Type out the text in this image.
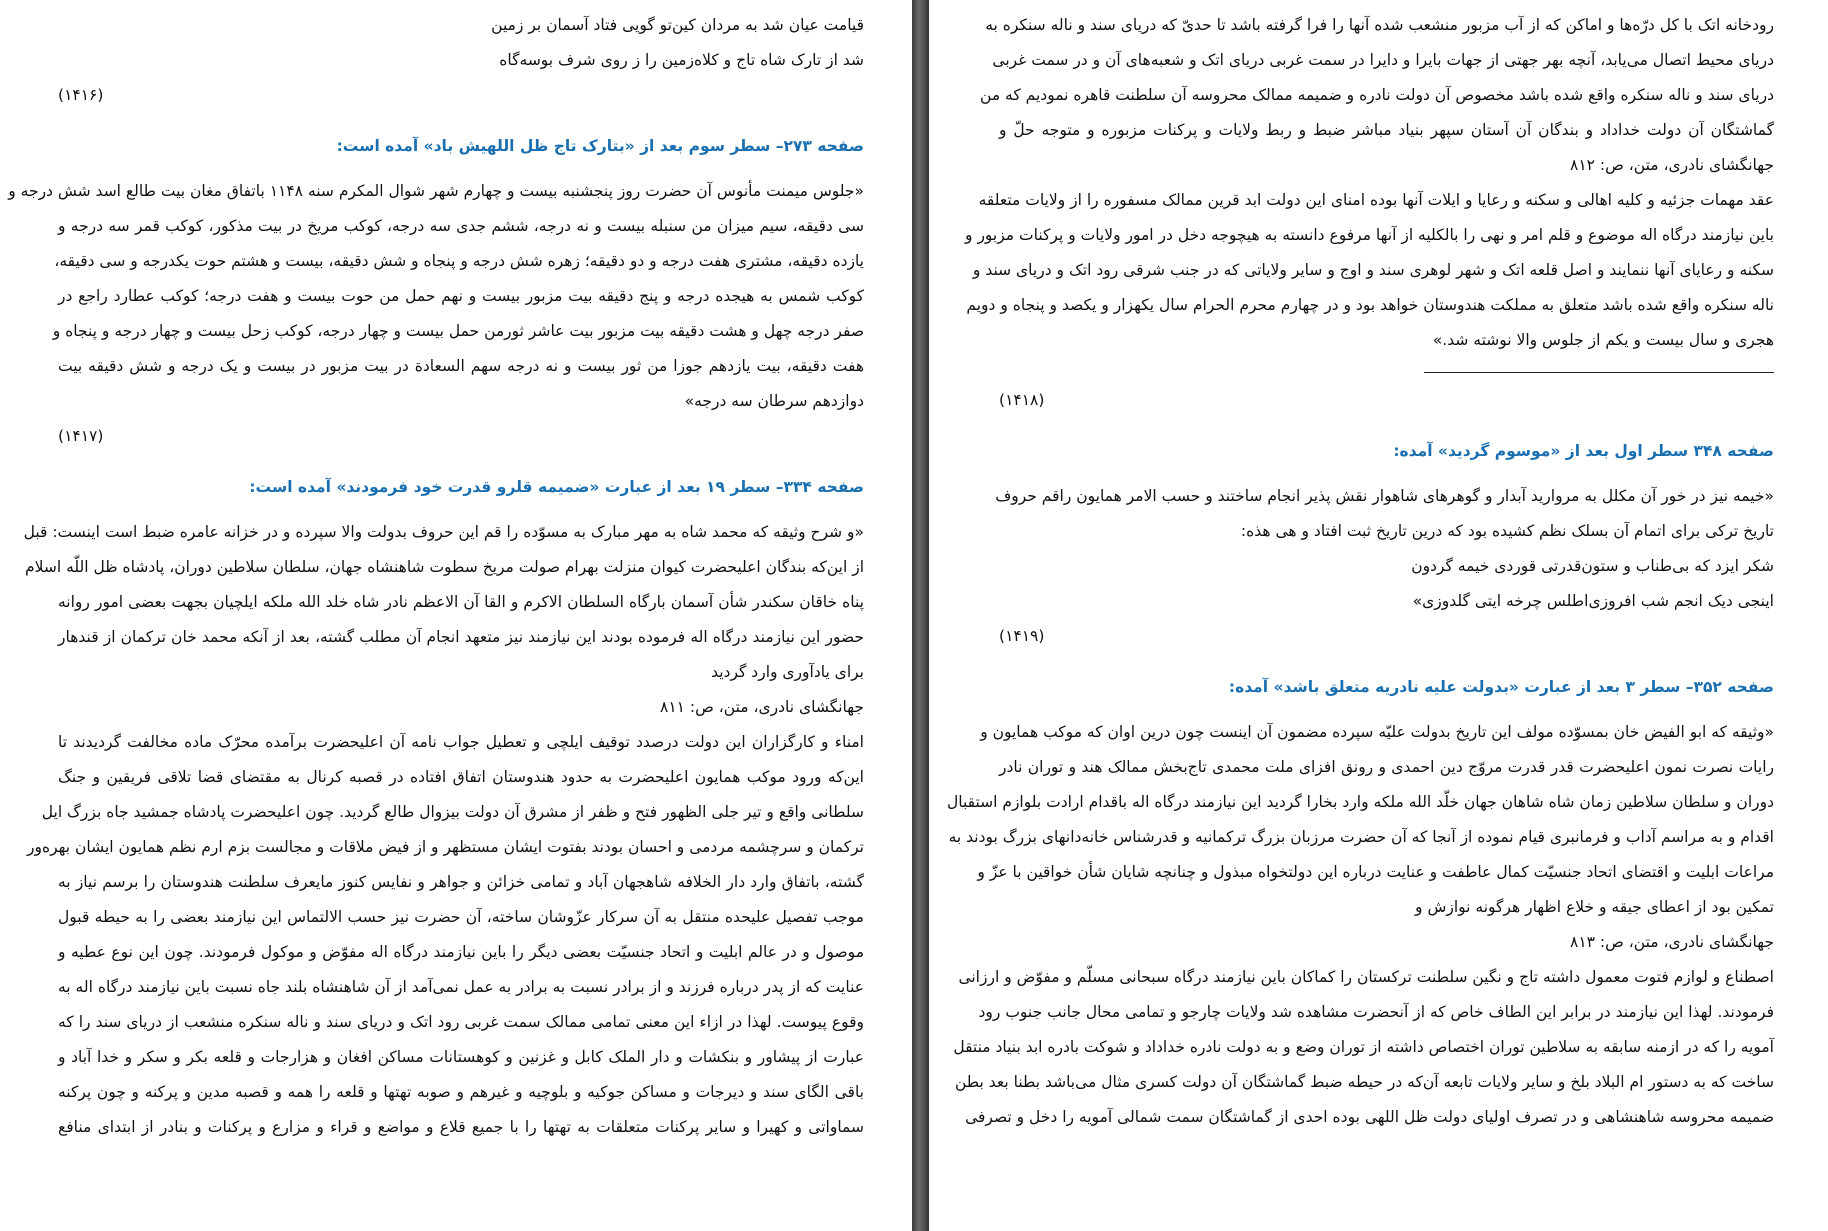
قیامت عیان شد به مردان کین‌تو گویی فتاد آسمان بر زمین
شد از تارک شاه تاج و کلاه‌زمین را ز روی شرف بوسه‌گاه
(۱۴۱۶)
صفحه ۲۷۳– سطر سوم بعد از «بتارک تاج ظل اللهیش باد» آمده است:
«جلوس میمنت مأنوس آن حضرت روز پنجشنبه بیست و چهارم شهر شوال المکرم سنه ۱۱۴۸ باتفاق مغان بیت طالع اسد شش درجه و
سی دقیقه، سیم میزان من سنبله بیست و نه درجه، ششم جدی سه درجه، کوکب مریخ در بیت مذکور، کوکب قمر سه درجه و
یازده دقیقه، مشتری هفت درجه و دو دقیقه؛ زهره شش درجه و پنجاه و شش دقیقه، بیست و هشتم حوت یکدرجه و سی دقیقه،
کوکب شمس به هیجده درجه و پنج دقیقه بیت مزبور بیست و نهم حمل من حوت بیست و هفت درجه؛ کوکب عطارد راجع در
صفر درجه چهل و هشت دقیقه بیت مزبور بیت عاشر ثورمن حمل بیست و چهار درجه، کوکب زحل بیست و چهار درجه و پنجاه و
هفت دقیقه، بیت یازدهم جوزا من ثور بیست و نه درجه سهم السعادة در بیت مزبور در بیست و یک درجه و شش دقیقه بیت
دوازدهم سرطان سه درجه»
(۱۴۱۷)
صفحه ۳۳۴– سطر ۱۹ بعد از عبارت «ضمیمه قلرو قدرت خود فرمودند» آمده است:
«و شرح وثیقه که محمد شاه به مهر مبارک به مسوّده را قم این حروف بدولت والا سپرده و در خزانه عامره ضبط است اینست: قبل
از این‌که بندگان اعلیحضرت کیوان منزلت بهرام صولت مریخ سطوت شاهنشاه جهان، سلطان سلاطین دوران، پادشاه ظل اللّه اسلام
پناه خاقان سکندر شأن آسمان بارگاه السلطان الاکرم و القا آن الاعظم نادر شاه خلد الله ملکه ایلچیان بجهت بعضی امور روانه
حضور این نیازمند درگاه اله فرموده بودند این نیازمند نیز متعهد انجام آن مطلب گشته، بعد از آنکه محمد خان ترکمان از قندهار
برای یادآوری وارد گردید
جهانگشای نادری، متن، ص: ۸۱۱
امناء و کارگزاران این دولت درصدد توقیف ایلچی و تعطیل جواب نامه آن اعلیحضرت برآمده محرّک ماده مخالفت گردیدند تا
این‌که ورود موکب همایون اعلیحضرت به حدود هندوستان اتفاق افتاده در قصبه کرنال به مقتضای قضا تلاقی فریقین و جنگ
سلطانی واقع و تیر جلی الظهور فتح و ظفر از مشرق آن دولت بیزوال طالع گردید. چون اعلیحضرت پادشاه جمشید جاه بزرگ ایل
ترکمان و سرچشمه مردمی و احسان بودند بفتوت ایشان مستظهر و از فیض ملاقات و مجالست بزم ارم نظم همایون ایشان بهره‌ور
گشته، باتفاق وارد دار الخلافه شاهجهان آباد و تمامی خزائن و جواهر و نفایس کنوز مایعرف سلطنت هندوستان را برسم نیاز به
موجب تفصیل علیحده منتقل به آن سرکار عزّوشان ساخته، آن حضرت نیز حسب الالتماس این نیازمند بعضی را به حیطه قبول
موصول و در عالم ابلیت و اتحاد جنسیّت بعضی دیگر را باین نیازمند درگاه اله مفوّض و موکول فرمودند. چون این نوع عطیه و
عنایت که از پدر درباره فرزند و از برادر نسبت به برادر به عمل نمی‌آمد از آن شاهنشاه بلند جاه نسبت باین نیازمند درگاه اله به
وقوع پیوست. لهذا در ازاء این معنی تمامی ممالک سمت غربی رود اتک و دریای سند و ناله سنکره منشعب از دریای سند را که
عبارت از پیشاور و بنکشات و دار الملک کابل و غزنین و کوهستانات مساکن افغان و هزارجات و قلعه بکر و سکر و خدا آباد و
باقی الگای سند و دیرجات و مساکن جوکیه و بلوچیه و غیرهم و صوبه تهتها و قلعه را همه و قصبه مدین و پرکنه و چون پرکنه
سماواتی و کهیرا و سایر پرکنات متعلقات به تهتها را با جمیع قلاع و مواضع و قراء و مزارع و پرکنات و بنادر از ابتدای منافع
رودخانه اتک با کل درّه‌ها و اماکن که از آب مزبور منشعب شده آنها را فرا گرفته باشد تا حدیّ که دریای سند و ناله سنکره به
دریای محیط اتصال می‌یابد، آنچه بهر جهتی از جهات بایرا و دایرا در سمت غربی دریای اتک و شعبه‌های آن و در سمت غربی
دریای سند و ناله سنکره واقع شده باشد مخصوص آن دولت نادره و ضمیمه ممالک محروسه آن سلطنت قاهره نمودیم که من
گماشتگان آن دولت خداداد و بندگان آن آستان سپهر بنیاد مباشر ضبط و ربط ولایات و پرکنات مزبوره و متوجه حلّ و
جهانگشای نادری، متن، ص: ۸۱۲
عقد مهمات جزئیه و کلیه اهالی و سکنه و رعایا و ایلات آنها بوده امنای این دولت ابد قرین ممالک مسفوره را از ولایات متعلقه
باین نیازمند درگاه اله موضوع و قلم امر و نهی را بالکلیه از آنها مرفوع دانسته به هیچوجه دخل در امور ولایات و پرکنات مزبور و
سکنه و رعایای آنها ننمایند و اصل قلعه اتک و شهر لوهری سند و اوج و سایر ولایاتی که در جنب شرقی رود اتک و دریای سند و
ناله سنکره واقع شده باشد متعلق به مملکت هندوستان خواهد بود و در چهارم محرم الحرام سال یکهزار و یکصد و پنجاه و دویم
هجری و سال بیست و یکم از جلوس والا نوشته شد.»
(۱۴۱۸)
صفحه ۳۴۸ سطر اول بعد از «موسوم گردید» آمده:
«خیمه نیز در خور آن مکلل به مروارید آبدار و گوهرهای شاهوار نقش پذیر انجام ساختند و حسب الامر همایون راقم حروف
تاریخ ترکی برای اتمام آن بسلک نظم کشیده بود که درین تاریخ ثبت افتاد و هی هذه:
شکر ایزد که بی‌طناب و ستون‌قدرتی قوردی خیمه گردون
اینجی دیک انجم شب افروزی‌اطلس چرخه ایتی گلدوزی»
(۱۴۱۹)
صفحه ۳۵۲– سطر ۳ بعد از عبارت «بدولت علیه نادریه متعلق باشد» آمده:
«وثیقه که ابو الفیض خان بمسوّده مولف این تاریخ بدولت علیّه سپرده مضمون آن اینست چون درین اوان که موکب همایون و
رایات نصرت نمون اعلیحضرت قدر قدرت مروّج دین احمدی و رونق افزای ملت محمدی تاج‌بخش ممالک هند و توران نادر
دوران و سلطان سلاطین زمان شاه شاهان جهان خلّد الله ملکه وارد بخارا گردید این نیازمند درگاه اله باقدام ارادت بلوازم استقبال
اقدام و به مراسم آداب و فرمانبری قیام نموده از آنجا که آن حضرت مرزبان بزرگ ترکمانیه و قدرشناس خانه‌دانهای بزرگ بودند به
مراعات ابلیت و اقتضای اتحاد جنسیّت کمال عاطفت و عنایت درباره این دولتخواه مبذول و چنانچه شایان شأن خواقین با عزّ و
تمکین بود از اعطای جیقه و خلاع اظهار هرگونه نوازش و
جهانگشای نادری، متن، ص: ۸۱۳
اصطناع و لوازم فتوت معمول داشته تاج و نگین سلطنت ترکستان را کماکان باین نیازمند درگاه سبحانی مسلّم و مفوّض و ارزانی
فرمودند. لهذا این نیازمند در برابر این الطاف خاص که از آنحضرت مشاهده شد ولایات چارجو و تمامی محال جانب جنوب رود
آمویه را که در ازمنه سابقه به سلاطین توران اختصاص داشته از توران وضع و به دولت نادره خداداد و شوکت بادره ابد بنیاد منتقل
ساخت که به دستور ام البلاد بلخ و سایر ولایات تابعه آن‌که در حیطه ضبط گماشتگان آن دولت کسری مثال می‌باشد بطنا بعد بطن
ضمیمه محروسه شاهنشاهی و در تصرف اولیای دولت ظل اللهی بوده احدی از گماشتگان سمت شمالی آمویه را دخل و تصرفی
